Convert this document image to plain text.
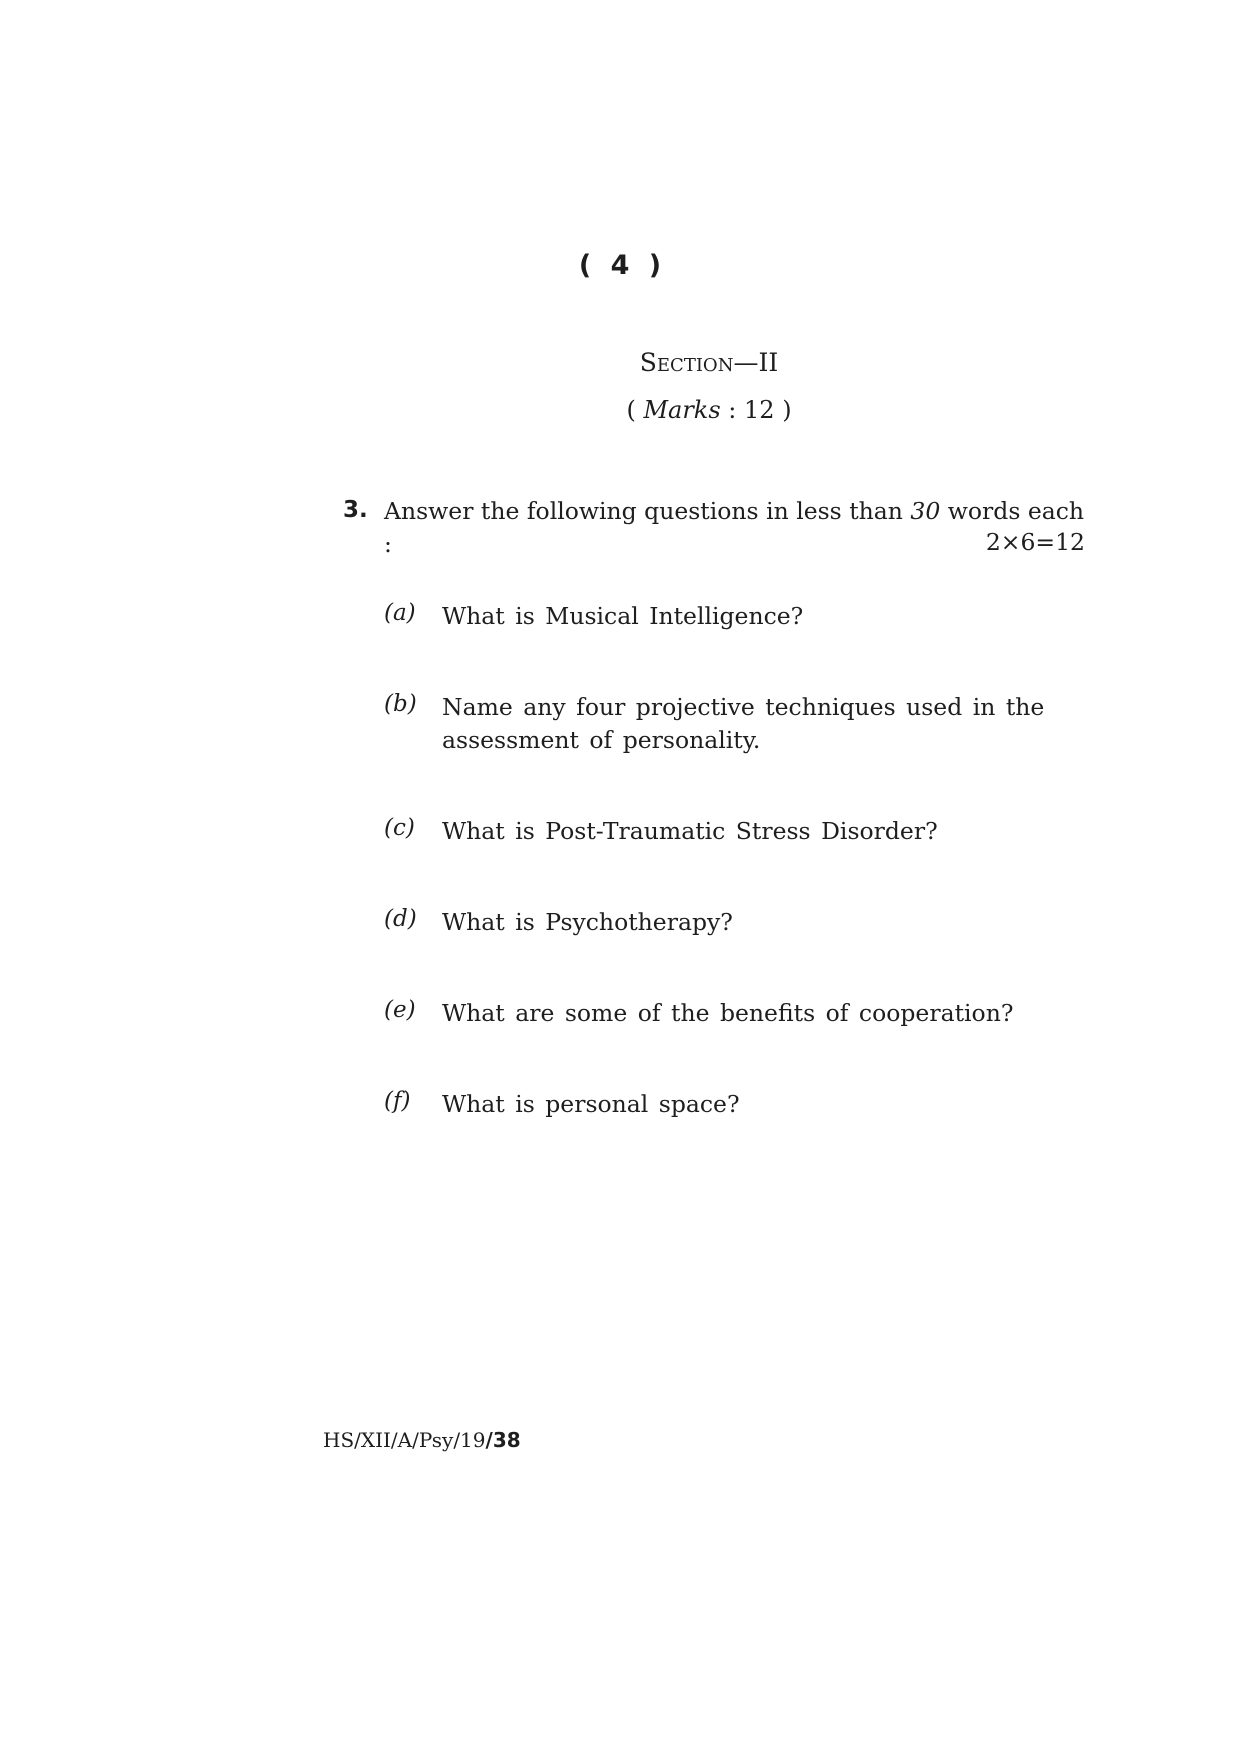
( 4 )
Section—II
( Marks : 12 )
3. Answer the following questions in less than 30 words each :	2×6=12
(a) What is Musical Intelligence?
(b) Name any four projective techniques used in the assessment of personality.
(c) What is Post-Traumatic Stress Disorder?
(d) What is Psychotherapy?
(e) What are some of the benefits of cooperation?
(f) What is personal space?
HS/XII/A/Psy/19/38
